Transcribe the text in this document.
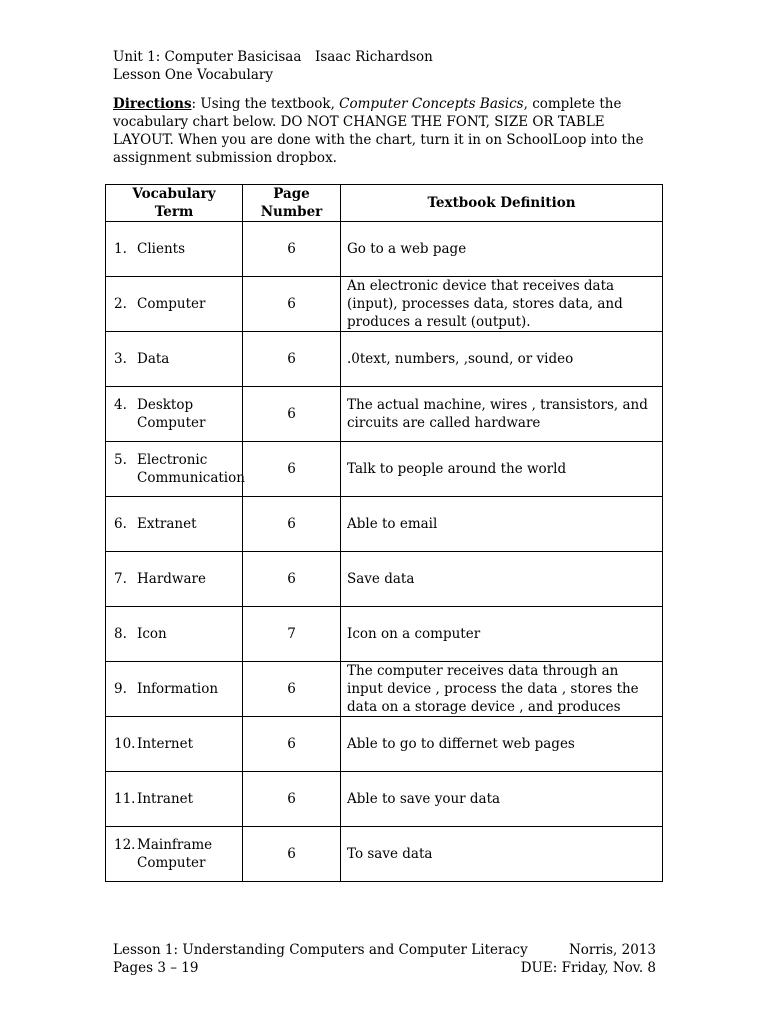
Unit 1: Computer Basicisaa	Isaac Richardson
Lesson One Vocabulary
Directions: Using the textbook, Computer Concepts Basics, complete the vocabulary chart below. DO NOT CHANGE THE FONT, SIZE OR TABLE LAYOUT. When you are done with the chart, turn it in on SchoolLoop into the assignment submission dropbox.
Vocabulary Term	Page Number	Textbook Definition

1. Clients	6	Go to a web page

2. Computer	6	An electronic device that receives data (input), processes data, stores data, and produces a result (output).

3. Data	6	.0text, numbers, ,sound, or video

4. Desktop Computer	6	The actual machine, wires , transistors, and circuits are called hardware

5. Electronic Communication	6	Talk to people around the world

6. Extranet	6	Able to email

7. Hardware	6	Save data

8. Icon	7	Icon on a computer

9. Information	6	The computer receives data through an input device , process the data , stores the data on a storage device , and produces

10. Internet	6	Able to go to differnet web pages

11. Intranet	6	Able to save your data

12. Mainframe Computer	6	To save data
Lesson 1: Understanding Computers and Computer Literacy	Norris, 2013
Pages 3 – 19	DUE: Friday, Nov. 8
